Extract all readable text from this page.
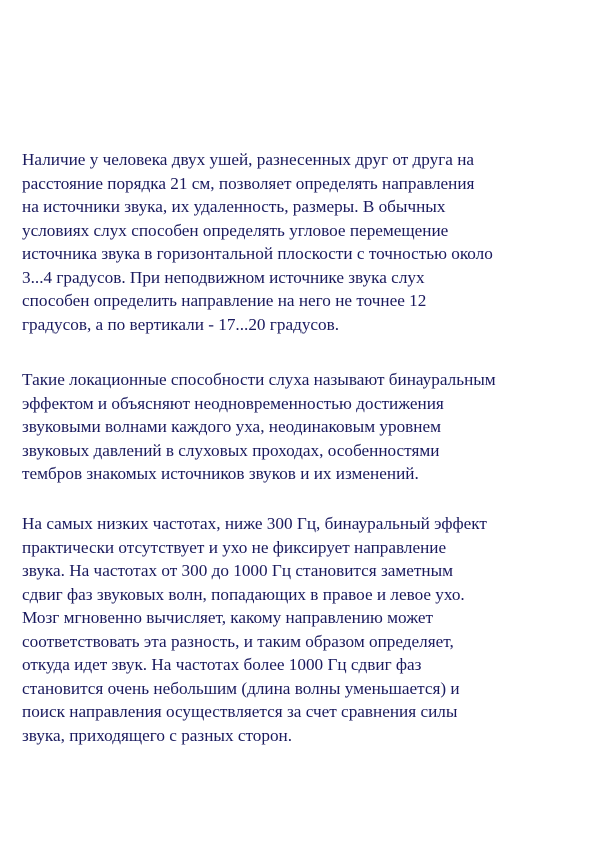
Наличие у человека двух ушей, разнесенных друг от друга на
расстояние порядка 21 см, позволяет определять направления
на источники звука, их удаленность, размеры. В обычных
условиях слух способен определять угловое перемещение
источника звука в горизонтальной плоскости с точностью около
3...4 градусов. При неподвижном источнике звука слух
способен определить направление на него не точнее 12
градусов, а по вертикали - 17...20 градусов.

Такие локационные способности слуха называют бинауральным
эффектом и объясняют неодновременностью достижения
звуковыми волнами каждого уха, неодинаковым уровнем
звуковых давлений в слуховых проходах, особенностями
тембров знакомых источников звуков и их изменений.

На самых низких частотах, ниже 300 Гц, бинауральный эффект
практически отсутствует и ухо не фиксирует направление
звука. На частотах от 300 до 1000 Гц становится заметным
сдвиг фаз звуковых волн, попадающих в правое и левое ухо.
Мозг мгновенно вычисляет, какому направлению может
соответствовать эта разность, и таким образом определяет,
откуда идет звук. На частотах более 1000 Гц сдвиг фаз
становится очень небольшим (длина волны уменьшается) и
поиск направления осуществляется за счет сравнения силы
звука, приходящего с разных сторон.
